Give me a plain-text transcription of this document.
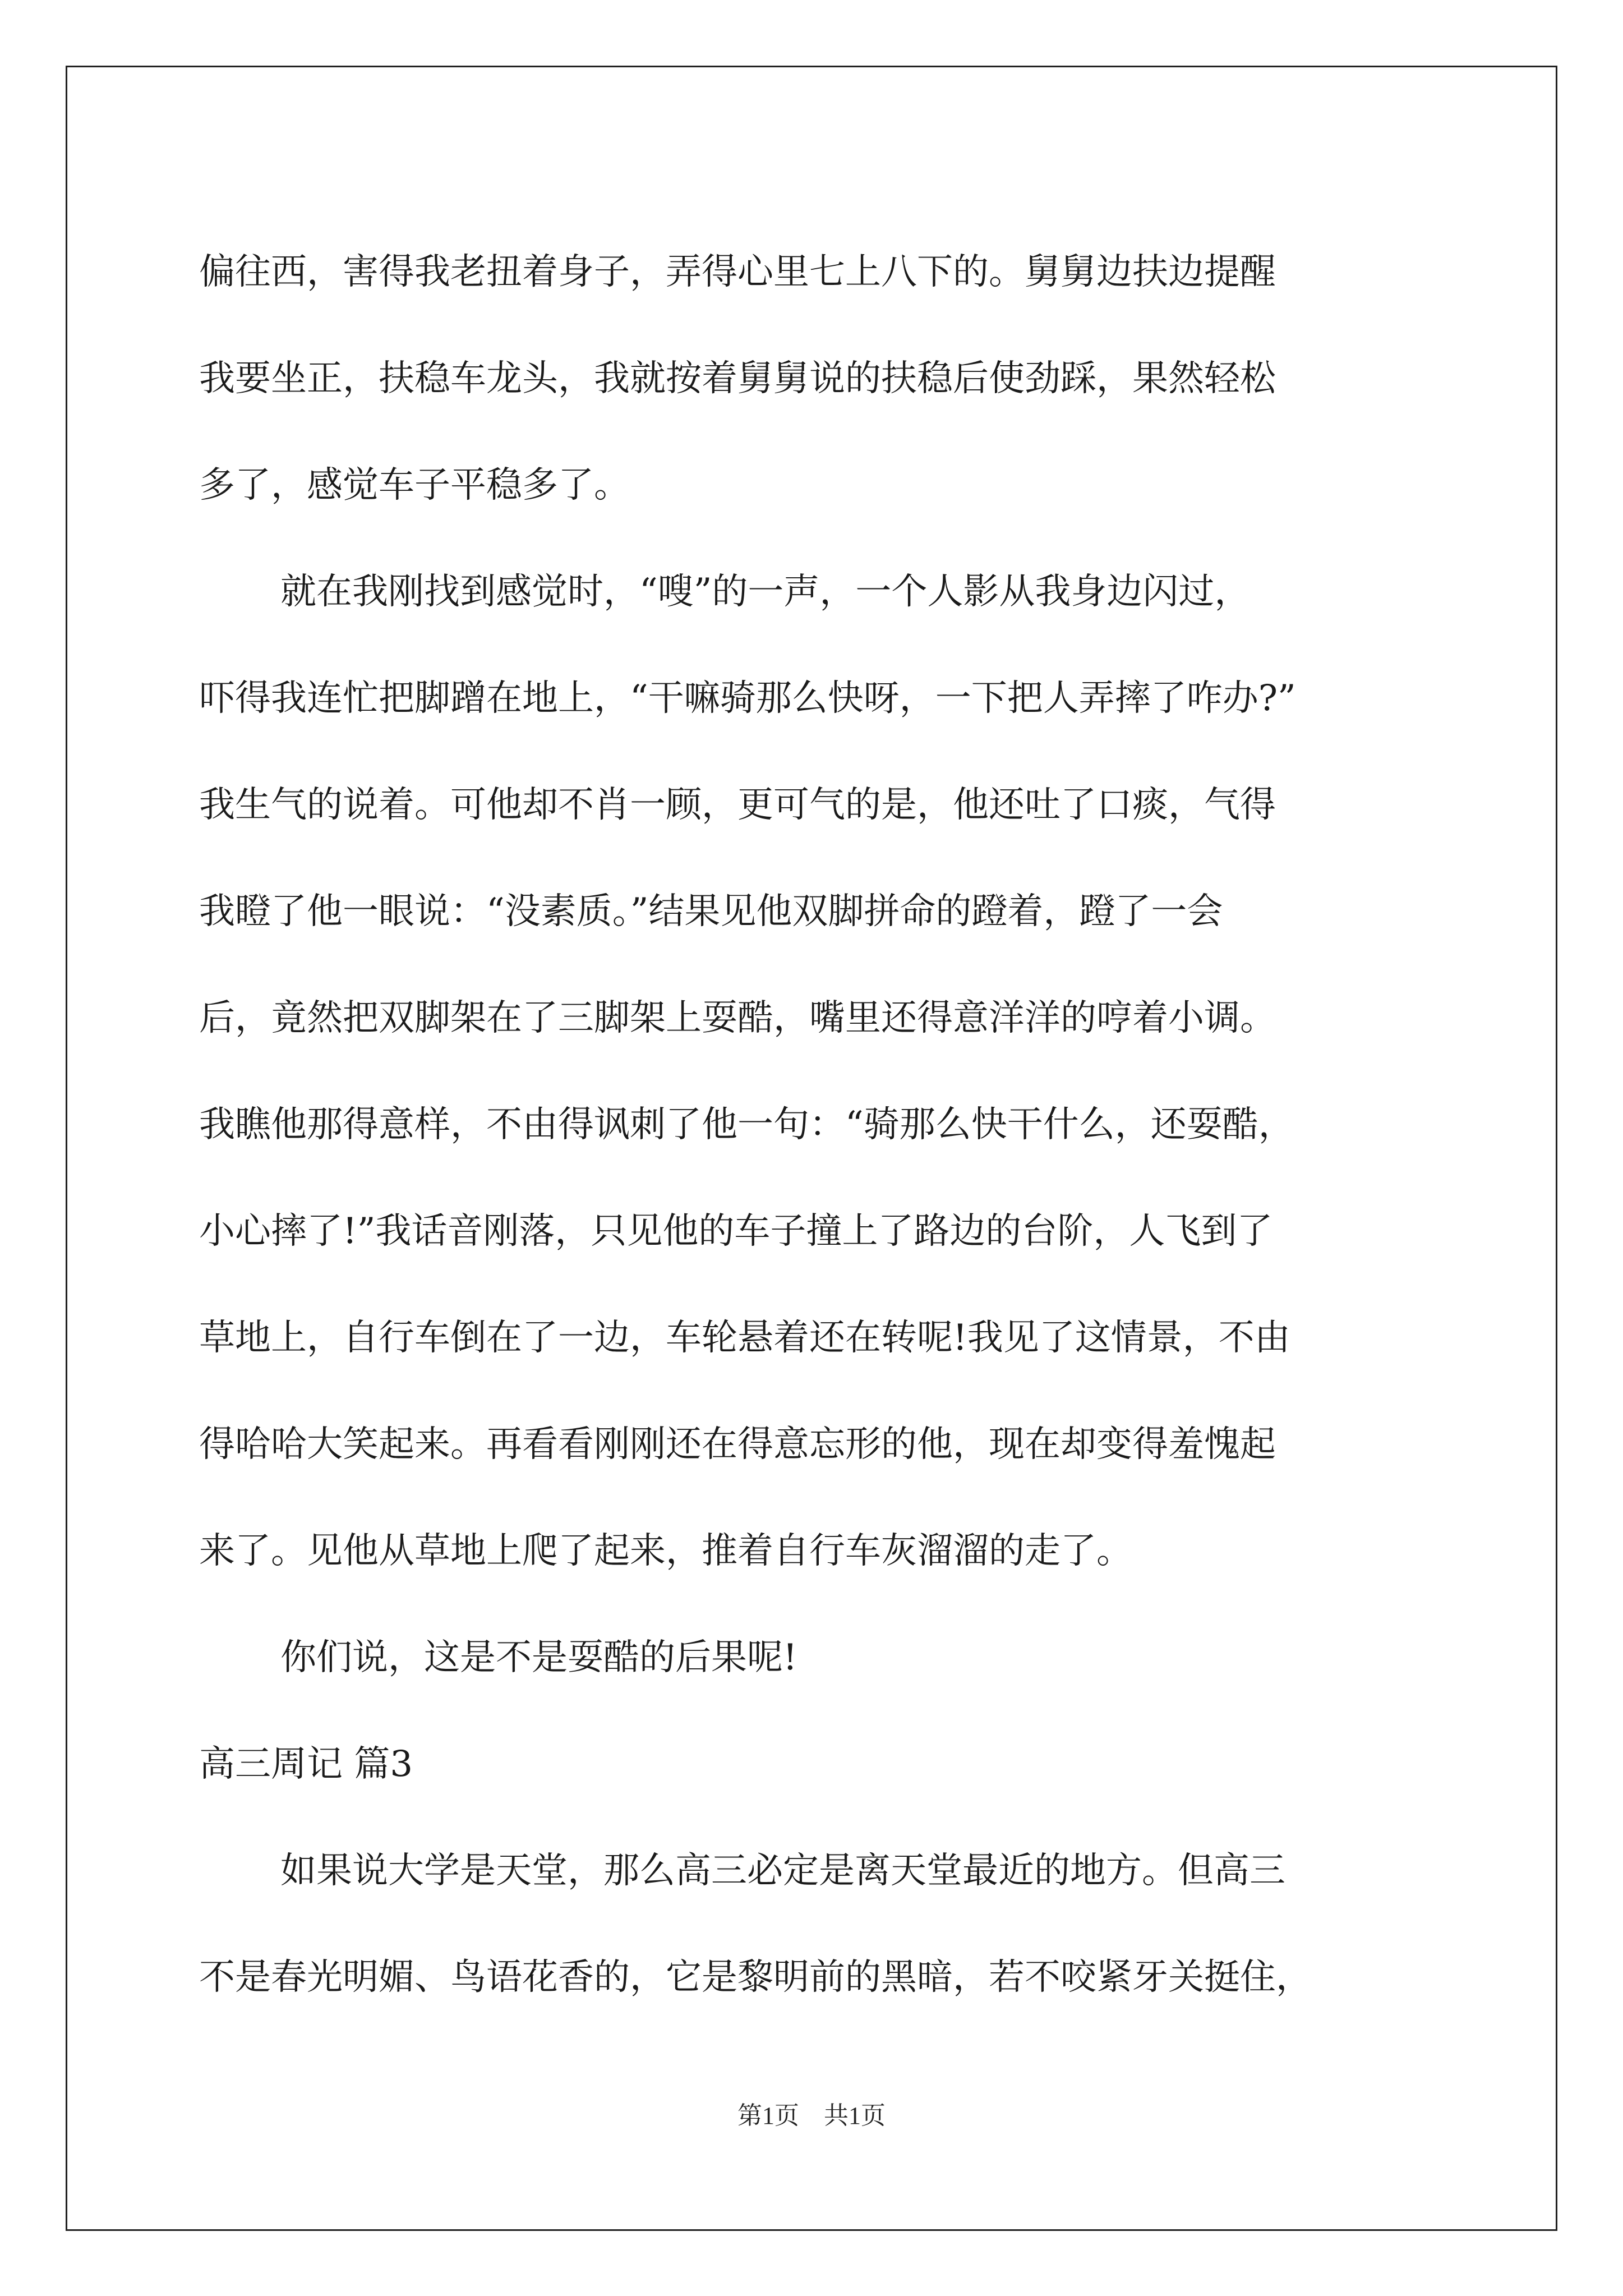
偏往西，害得我老扭着身子，弄得心里七上八下的。舅舅边扶边提醒
我要坐正，扶稳车龙头，我就按着舅舅说的扶稳后使劲踩，果然轻松
多了，感觉车子平稳多了。
就在我刚找到感觉时，“嗖”的一声，一个人影从我身边闪过，
吓得我连忙把脚蹭在地上，“干嘛骑那么快呀，一下把人弄摔了咋办?”
我生气的说着。可他却不肖一顾，更可气的是，他还吐了口痰，气得
我瞪了他一眼说：“没素质。”结果见他双脚拼命的蹬着，蹬了一会
后，竟然把双脚架在了三脚架上耍酷，嘴里还得意洋洋的哼着小调。
我瞧他那得意样，不由得讽刺了他一句：“骑那么快干什么，还耍酷，
小心摔了!”我话音刚落，只见他的车子撞上了路边的台阶，人飞到了
草地上，自行车倒在了一边，车轮悬着还在转呢!我见了这情景，不由
得哈哈大笑起来。再看看刚刚还在得意忘形的他，现在却变得羞愧起
来了。见他从草地上爬了起来，推着自行车灰溜溜的走了。
你们说，这是不是耍酷的后果呢!
高三周记 篇3
如果说大学是天堂，那么高三必定是离天堂最近的地方。但高三
不是春光明媚、鸟语花香的，它是黎明前的黑暗，若不咬紧牙关挺住，
第1页　共1页
